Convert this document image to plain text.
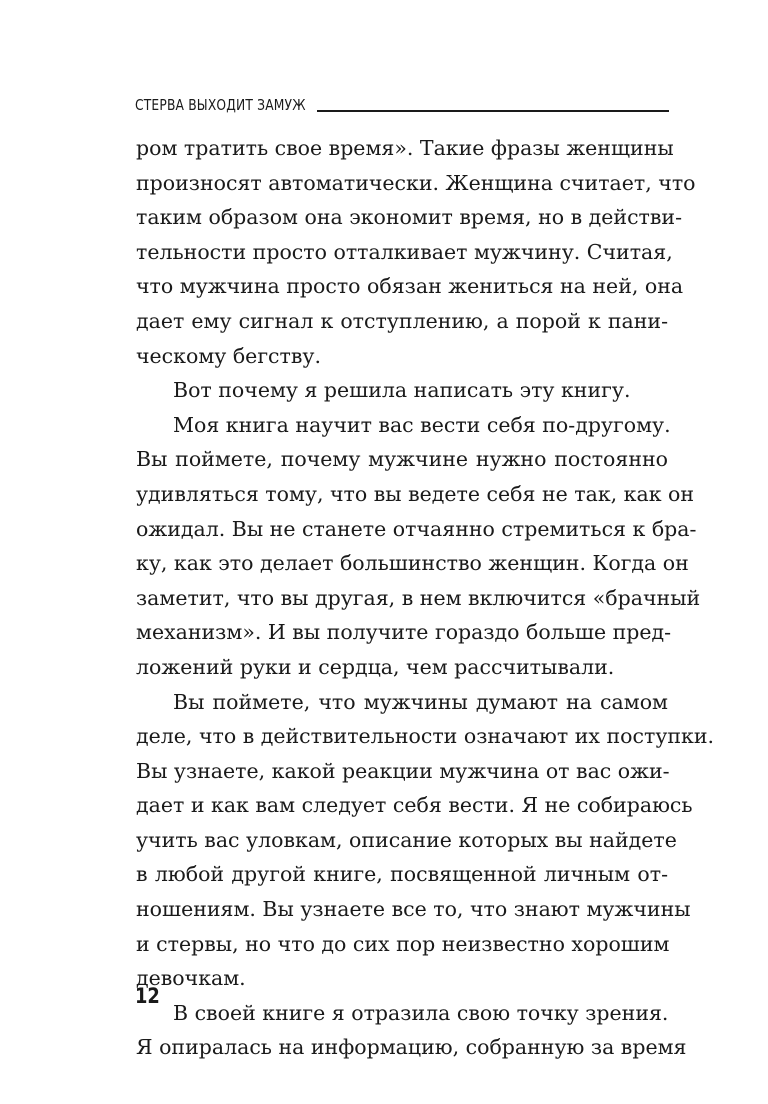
СТЕРВА ВЫХОДИТ ЗАМУЖ
ром тратить свое время». Такие фразы женщины
произносят автоматически. Женщина считает, что
таким образом она экономит время, но в действи-
тельности просто отталкивает мужчину. Считая,
что мужчина просто обязан жениться на ней, она
дает ему сигнал к отступлению, а порой к пани-
ческому бегству.
Вот почему я решила написать эту книгу.
Моя книга научит вас вести себя по-другому.
Вы поймете, почему мужчине нужно постоянно
удивляться тому, что вы ведете себя не так, как он
ожидал. Вы не станете отчаянно стремиться к бра-
ку, как это делает большинство женщин. Когда он
заметит, что вы другая, в нем включится «брачный
механизм». И вы получите гораздо больше пред-
ложений руки и сердца, чем рассчитывали.
Вы поймете, что мужчины думают на самом
деле, что в действительности означают их поступки.
Вы узнаете, какой реакции мужчина от вас ожи-
дает и как вам следует себя вести. Я не собираюсь
учить вас уловкам, описание которых вы найдете
в любой другой книге, посвященной личным от-
ношениям. Вы узнаете все то, что знают мужчины
и стервы, но что до сих пор неизвестно хорошим
девочкам.
В своей книге я отразила свою точку зрения.
Я опиралась на информацию, собранную за время
12
